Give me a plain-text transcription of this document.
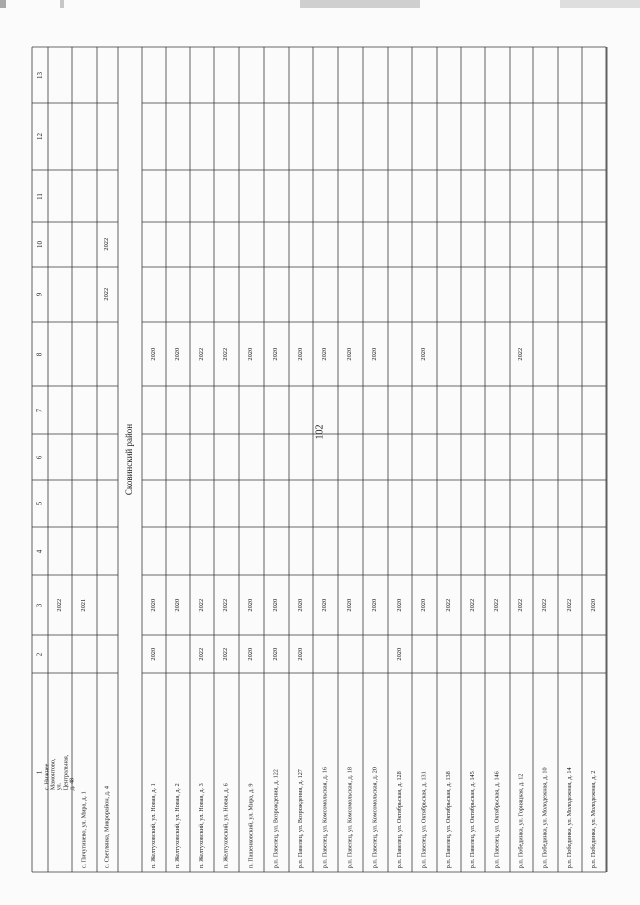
102
1
2
3
4
5
6
7
8
9
10
11
12
13
Сковинский район
с. Нижнее Мамонтово, ул. Центральная, д. 48
2022
с. Пичугинево, ул. Мира, д. 1
2021
с. Светлянка, Микрорайон, д. 4
2022
2022
п. Желтуховский, ул. Новая, д. 1
2020
2020
2020
п. Желтуховский, ул. Новая, д. 2
2020
2020
п. Желтуховский, ул. Новая, д. 3
2022
2022
2022
п. Желтуховский, ул. Новая, д. 6
2022
2022
2022
п. Пашенковский, ул. Мира, д. 9
2020
2020
2020
р.п. Павелец, ул. Возрождения, д. 122
2020
2020
2020
р.п. Павелец, ул. Возрождения, д. 127
2020
2020
2020
р.п. Павелец, ул. Комсомольская, д. 16
2020
2020
р.п. Павелец, ул. Комсомольская, д. 18
2020
2020
р.п. Павелец, ул. Комсомольская, д. 20
2020
2020
р.п. Павелец, ул. Октябрьская, д. 128
2020
2020
р.п. Павелец, ул. Октябрьская, д. 131
2020
2020
р.п. Павелец, ул. Октябрьская, д. 138
2022
р.п. Павелец, ул. Октябрьская, д. 145
2022
р.п. Павелец, ул. Октябрьская, д. 146
2022
р.п. Побединка, ул. Горняцкая, д. 12
2022
2022
р.п. Побединка, ул. Молодежная, д. 10
2022
р.п. Побединка, ул. Молодежная, д. 14
2022
р.п. Побединка, ул. Молодежная, д. 2
2020
